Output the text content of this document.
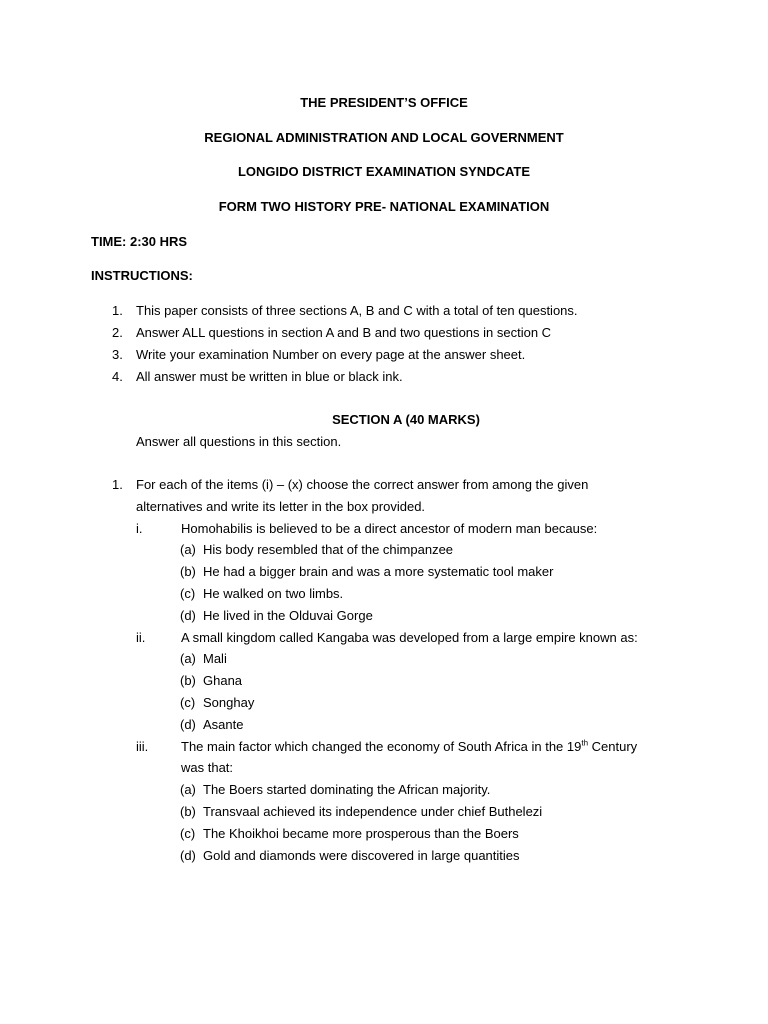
THE PRESIDENT’S OFFICE
REGIONAL ADMINISTRATION AND LOCAL GOVERNMENT
LONGIDO DISTRICT EXAMINATION SYNDCATE
FORM TWO HISTORY PRE- NATIONAL EXAMINATION
TIME: 2:30 HRS
INSTRUCTIONS:
1. This paper consists of three sections A, B and C with a total of ten questions.
2. Answer ALL questions in section A and B and two questions in section C
3. Write your examination Number on every page at the answer sheet.
4. All answer must be written in blue or black ink.
SECTION A (40 MARKS)
Answer all questions in this section.
1. For each of the items (i) – (x) choose the correct answer from among the given
alternatives and write its letter in the box provided.
i.	Homohabilis is believed to be a direct ancestor of modern man because:
(a) His body resembled that of the chimpanzee
(b) He had a bigger brain and was a more systematic tool maker
(c) He walked on two limbs.
(d) He lived in the Olduvai Gorge
ii.	A small kingdom called Kangaba was developed from a large empire known as:
(a) Mali
(b) Ghana
(c) Songhay
(d) Asante
iii.	The main factor which changed the economy of South Africa in the 19th Century
was that:
(a) The Boers started dominating the African majority.
(b) Transvaal achieved its independence under chief Buthelezi
(c) The Khoikhoi became more prosperous than the Boers
(d) Gold and diamonds were discovered in large quantities
